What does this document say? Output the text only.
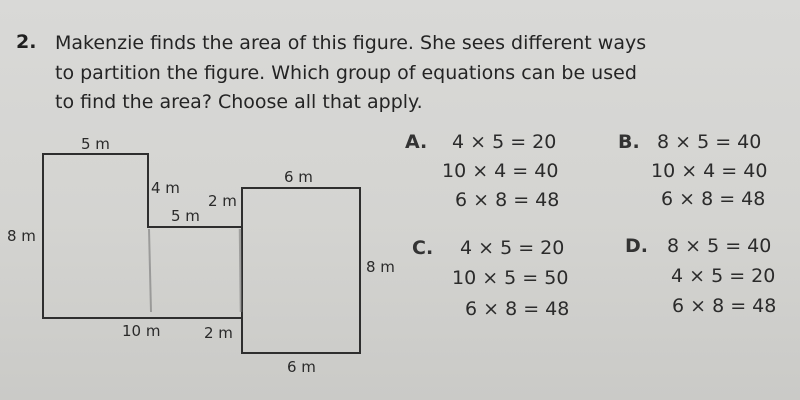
2. Makenzie finds the area of this figure. She sees different ways
to partition the figure. Which group of equations can be used
to find the area? Choose all that apply.
5 m
8 m
4 m
5 m
2 m
6 m
8 m
10 m	2 m
6 m
A. 4 × 5 = 20
10 × 4 = 40
6 × 8 = 48
B. 8 × 5 = 40
10 × 4 = 40
6 × 8 = 48
C. 4 × 5 = 20
10 × 5 = 50
6 × 8 = 48
D. 8 × 5 = 40
4 × 5 = 20
6 × 8 = 48
